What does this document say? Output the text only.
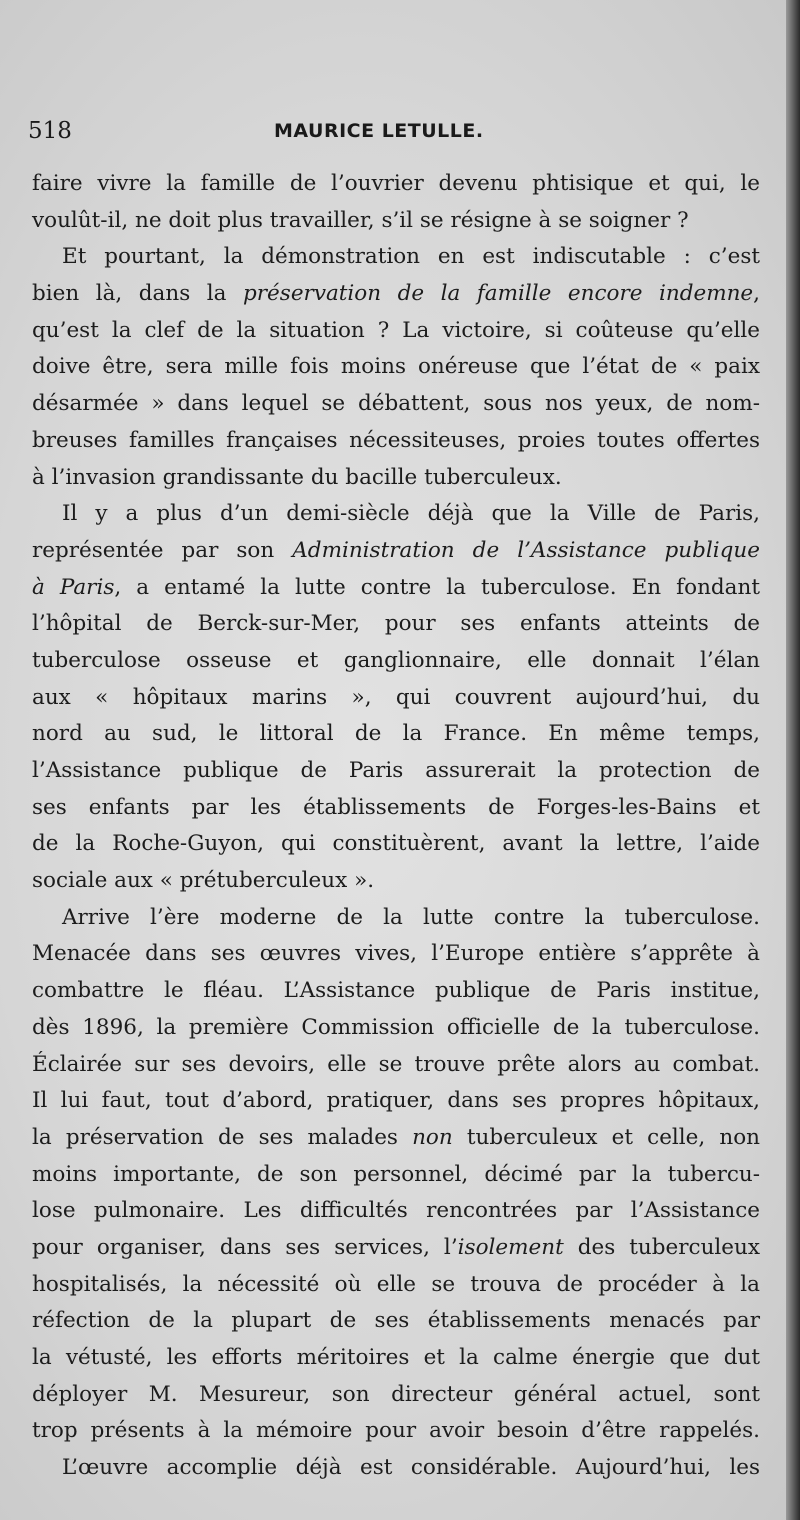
518	MAURICE LETULLE.
faire vivre la famille de l’ouvrier devenu phtisique et qui, le
voulût-il, ne doit plus travailler, s’il se résigne à se soigner ?
Et pourtant, la démonstration en est indiscutable : c’est
bien là, dans la préservation de la famille encore indemne,
qu’est la clef de la situation ? La victoire, si coûteuse qu’elle
doive être, sera mille fois moins onéreuse que l’état de « paix
désarmée » dans lequel se débattent, sous nos yeux, de nom-
breuses familles françaises nécessiteuses, proies toutes offertes
à l’invasion grandissante du bacille tuberculeux.
Il y a plus d’un demi-siècle déjà que la Ville de Paris,
représentée par son Administration de l’Assistance publique
à Paris, a entamé la lutte contre la tuberculose. En fondant
l’hôpital de Berck-sur-Mer, pour ses enfants atteints de
tuberculose osseuse et ganglionnaire, elle donnait l’élan
aux « hôpitaux marins », qui couvrent aujourd’hui, du
nord au sud, le littoral de la France. En même temps,
l’Assistance publique de Paris assurerait la protection de
ses enfants par les établissements de Forges-les-Bains et
de la Roche-Guyon, qui constituèrent, avant la lettre, l’aide
sociale aux « prétuberculeux ».
Arrive l’ère moderne de la lutte contre la tuberculose.
Menacée dans ses œuvres vives, l’Europe entière s’apprête à
combattre le fléau. L’Assistance publique de Paris institue,
dès 1896, la première Commission officielle de la tuberculose.
Éclairée sur ses devoirs, elle se trouve prête alors au combat.
Il lui faut, tout d’abord, pratiquer, dans ses propres hôpitaux,
la préservation de ses malades non tuberculeux et celle, non
moins importante, de son personnel, décimé par la tubercu-
lose pulmonaire. Les difficultés rencontrées par l’Assistance
pour organiser, dans ses services, l’isolement des tuberculeux
hospitalisés, la nécessité où elle se trouva de procéder à la
réfection de la plupart de ses établissements menacés par
la vétusté, les efforts méritoires et la calme énergie que dut
déployer M. Mesureur, son directeur général actuel, sont
trop présents à la mémoire pour avoir besoin d’être rappelés.
L’œuvre accomplie déjà est considérable. Aujourd’hui, les
